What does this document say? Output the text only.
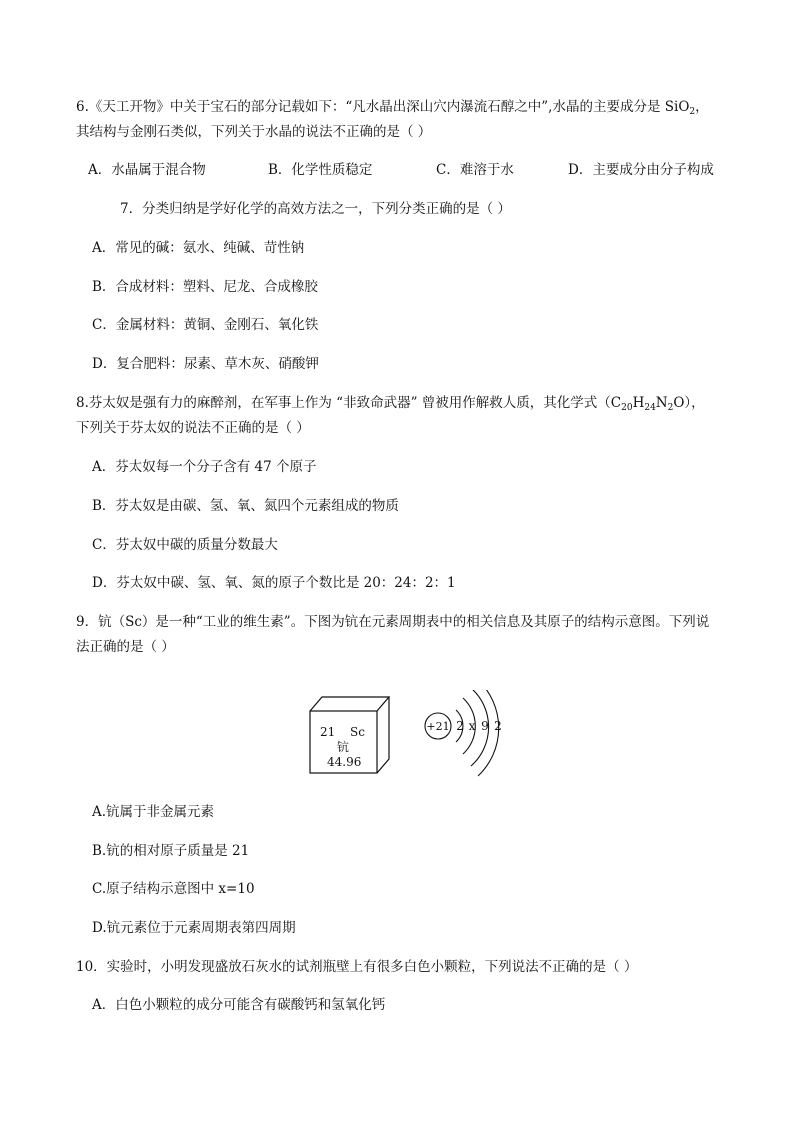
6.《天工开物》中关于宝石的部分记载如下：“凡水晶出深山穴内瀑流石醇之中”,水晶的主要成分是 SiO$_2$，
其结构与金刚石类似，下列关于水晶的说法不正确的是（ ）
A．水晶属于混合物	B．化学性质稳定	C．难溶于水	D．主要成分由分子构成
7．分类归纳是学好化学的高效方法之一，下列分类正确的是（ ）
A．常见的碱：氨水、纯碱、苛性钠
B．合成材料：塑料、尼龙、合成橡胶
C．金属材料：黄铜、金刚石、氧化铁
D．复合肥料：尿素、草木灰、硝酸钾
8.芬太奴是强有力的麻醉剂，在军事上作为 “非致命武器” 曾被用作解救人质，其化学式$(C_{20}H_{24}N_2O)$，
下列关于芬太奴的说法不正确的是（ ）
A．芬太奴每一个分子含有 47 个原子
B．芬太奴是由碳、氢、氧、氮四个元素组成的物质
C．芬太奴中碳的质量分数最大
D．芬太奴中碳、氢、氧、氮的原子个数比是 20：24：2：1
9．钪（Sc）是一种“工业的维生素”。下图为钪在元素周期表中的相关信息及其原子的结构示意图。下列说
法正确的是（ ）
21 Sc
钪
44.96
+21 2 x 9 2
A.钪属于非金属元素
B.钪的相对原子质量是 21
C.原子结构示意图中 x=10
D.钪元素位于元素周期表第四周期
10．实验时，小明发现盛放石灰水的试剂瓶壁上有很多白色小颗粒，下列说法不正确的是（ ）
A．白色小颗粒的成分可能含有碳酸钙和氢氧化钙
